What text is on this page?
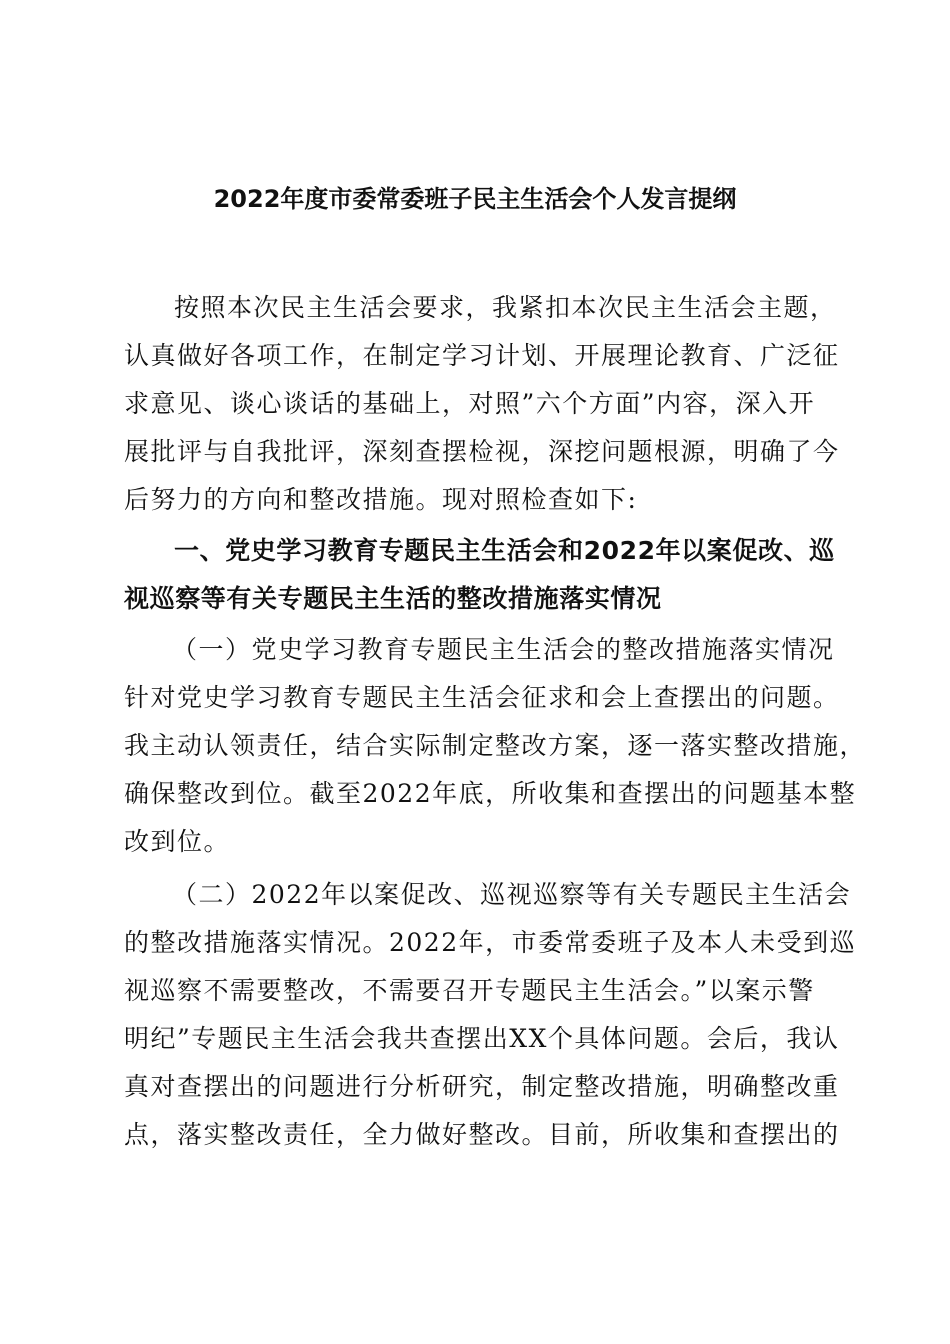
2022年度市委常委班子民主生活会个人发言提纲
按照本次民主生活会要求，我紧扣本次民主生活会主题，
认真做好各项工作，在制定学习计划、开展理论教育、广泛征
求意见、谈心谈话的基础上，对照”六个方面”内容，深入开
展批评与自我批评，深刻查摆检视，深挖问题根源，明确了今
后努力的方向和整改措施。现对照检查如下:
一、党史学习教育专题民主生活会和2022年以案促改、巡
视巡察等有关专题民主生活的整改措施落实情况
（一）党史学习教育专题民主生活会的整改措施落实情况
针对党史学习教育专题民主生活会征求和会上查摆出的问题。
我主动认领责任，结合实际制定整改方案，逐一落实整改措施，
确保整改到位。截至2022年底，所收集和查摆出的问题基本整
改到位。
（二）2022年以案促改、巡视巡察等有关专题民主生活会
的整改措施落实情况。2022年，市委常委班子及本人未受到巡
视巡察不需要整改，不需要召开专题民主生活会。”以案示警
明纪”专题民主生活会我共查摆出XX个具体问题。会后，我认
真对查摆出的问题进行分析研究，制定整改措施，明确整改重
点，落实整改责任，全力做好整改。目前，所收集和查摆出的
